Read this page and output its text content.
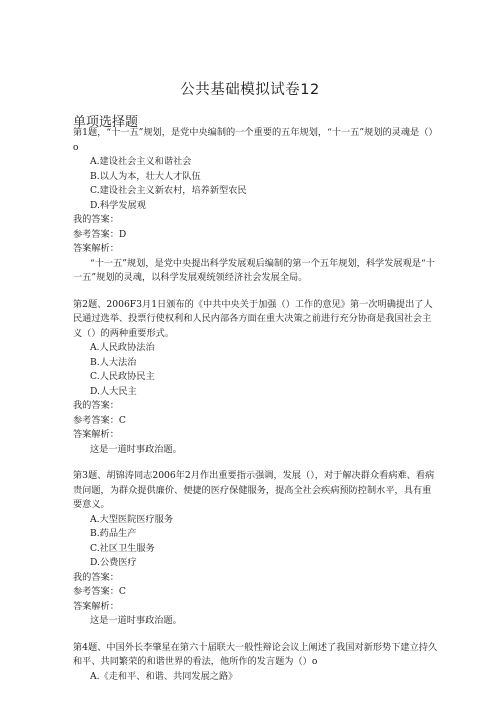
公共基础模拟试卷12
单项选择题

第1题，“十一五”规划，是党中央编制的一个重要的五年规划，“十一五”规划的灵魂是（）o

A.建设社会主义和谐社会

B.以人为本，壮大人才队伍

C.建设社会主义新农村，培养新型农民

D.科学发展观

我的答案：

参考答案：D

答案解析：

“十一五”规划，是党中央提出科学发展观后编制的第一个五年规划，科学发展观是“十一五”规划的灵魂，以科学发展观统领经济社会发展全局。

第2题、2006F3月1日颁布的《中共中央关于加强（）工作的意见》第一次明确提出了人民通过选举、投票行使权利和人民内部各方面在重大决策之前进行充分协商是我国社会主义（）的两种重要形式。

A.人民政协法治

B.人大法治

C.人民政协民主

D.人大民主

我的答案：

参考答案：C

答案解析：

这是一道时事政治题。

第3题、胡锦涛同志2006年2月作出重要指示强调，发展（），对于解决群众看病难、看病贵问题，为群众提供廉价、便捷的医疗保健服务，提高全社会疾病预防控制水平，具有重要意义。

A.大型医院医疗服务

B.药品生产

C.社区卫生服务

D.公费医疗

我的答案：

参考答案：C

答案解析：

这是一道时事政治题。

第4题、中国外长李肇星在第六十届联大一般性辩论会议上阐述了我国对新形势下建立持久和平、共同繁荣的和谐世界的看法，他所作的发言题为（）o

A.《走和平、和谐、共同发展之路》
